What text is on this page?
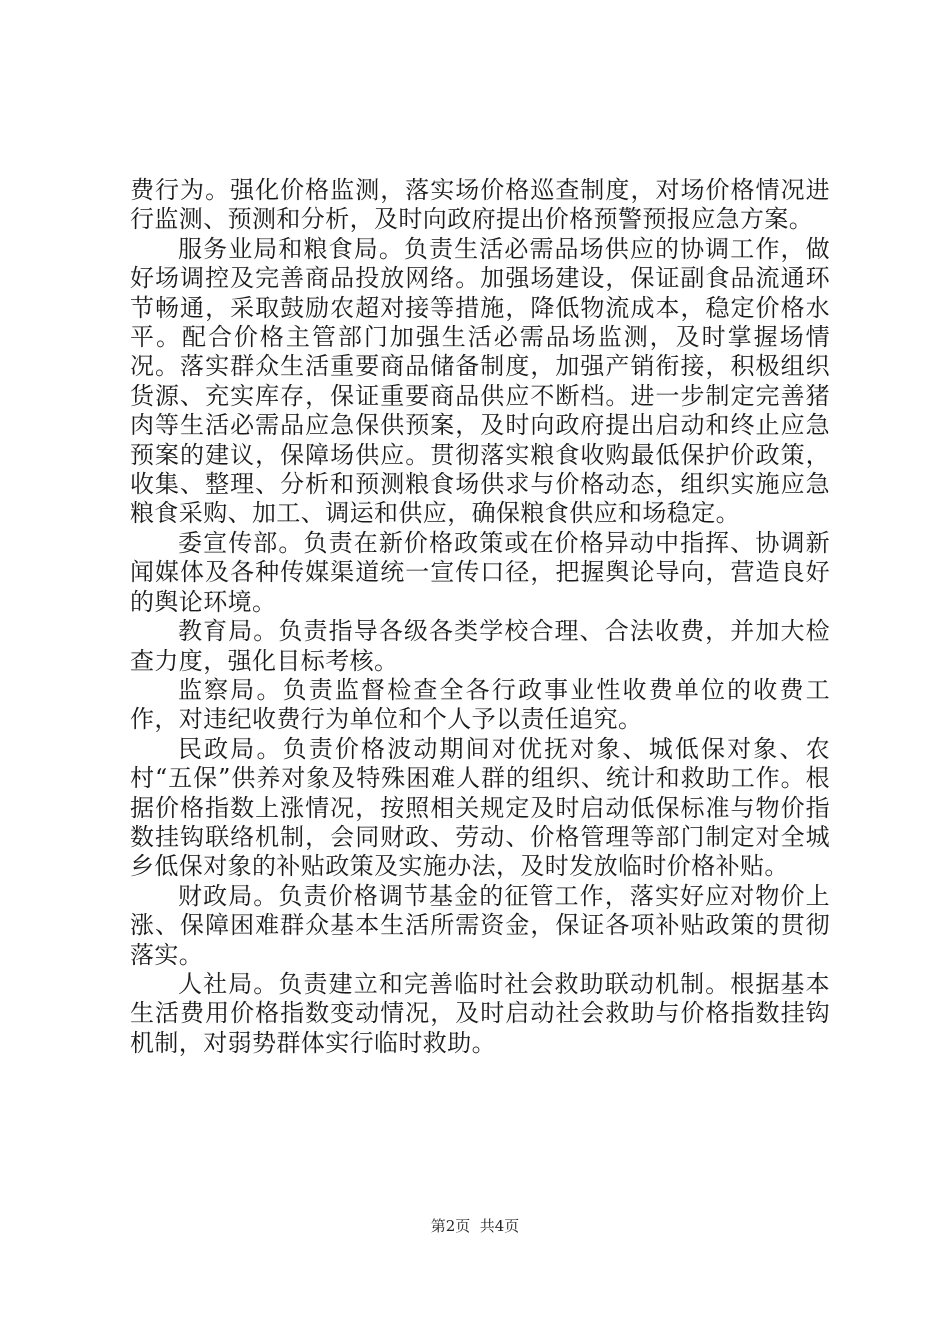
费行为。强化价格监测，落实场价格巡查制度，对场价格情况进行监测、预测和分析，及时向政府提出价格预警预报应急方案。

服务业局和粮食局。负责生活必需品场供应的协调工作，做好场调控及完善商品投放网络。加强场建设，保证副食品流通环节畅通，采取鼓励农超对接等措施，降低物流成本，稳定价格水平。配合价格主管部门加强生活必需品场监测，及时掌握场情况。落实群众生活重要商品储备制度，加强产销衔接，积极组织货源、充实库存，保证重要商品供应不断档。进一步制定完善猪肉等生活必需品应急保供预案，及时向政府提出启动和终止应急预案的建议，保障场供应。贯彻落实粮食收购最低保护价政策，收集、整理、分析和预测粮食场供求与价格动态，组织实施应急粮食采购、加工、调运和供应，确保粮食供应和场稳定。

委宣传部。负责在新价格政策或在价格异动中指挥、协调新闻媒体及各种传媒渠道统一宣传口径，把握舆论导向，营造良好的舆论环境。

教育局。负责指导各级各类学校合理、合法收费，并加大检查力度，强化目标考核。

监察局。负责监督检查全各行政事业性收费单位的收费工作，对违纪收费行为单位和个人予以责任追究。

民政局。负责价格波动期间对优抚对象、城低保对象、农村“五保”供养对象及特殊困难人群的组织、统计和救助工作。根据价格指数上涨情况，按照相关规定及时启动低保标准与物价指数挂钩联络机制，会同财政、劳动、价格管理等部门制定对全城乡低保对象的补贴政策及实施办法，及时发放临时价格补贴。

财政局。负责价格调节基金的征管工作，落实好应对物价上涨、保障困难群众基本生活所需资金，保证各项补贴政策的贯彻落实。

人社局。负责建立和完善临时社会救助联动机制。根据基本生活费用价格指数变动情况，及时启动社会救助与价格指数挂钩机制，对弱势群体实行临时救助。

第2页  共4页
